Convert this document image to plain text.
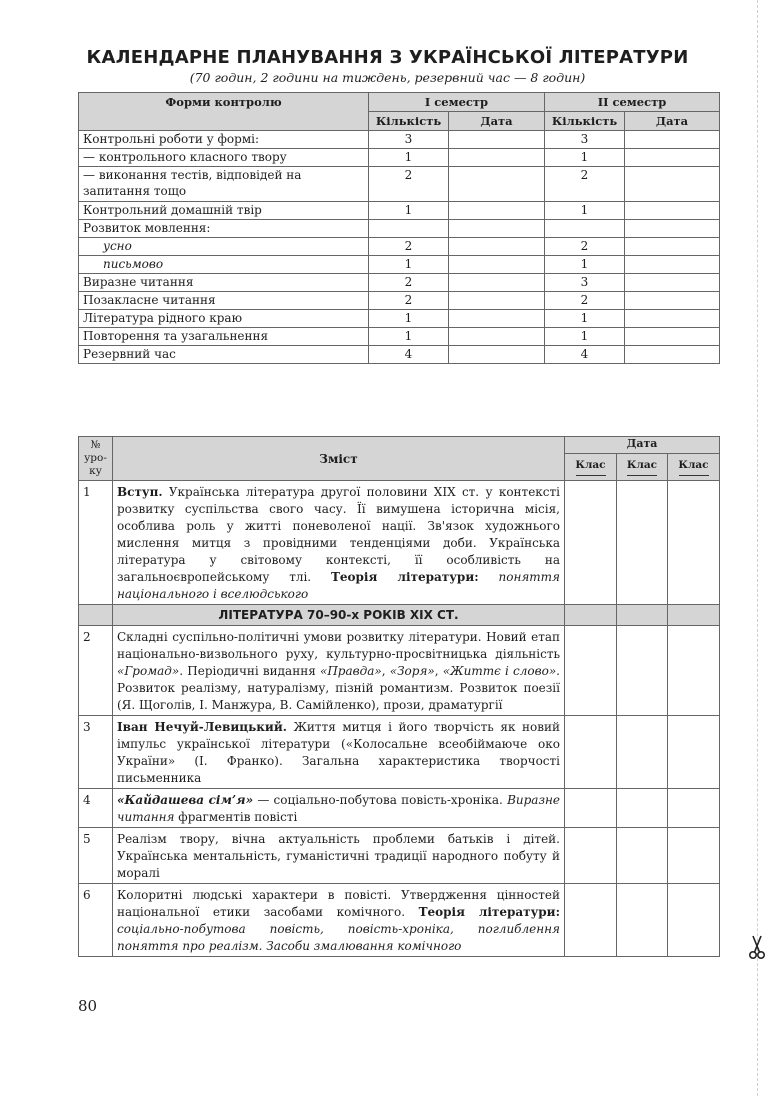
КАЛЕНДАРНЕ ПЛАНУВАННЯ З УКРАЇНСЬКОЇ ЛІТЕРАТУРИ
(70 годин, 2 години на тиждень, резервний час — 8 годин)
Форми контролю	І семестр		ІІ семестр	
	Кількість	Дата	Кількість	Дата
Контрольні роботи у формі:	3		3	
— контрольного класного твору	1		1	
— виконання тестів, відповідей на запитання тощо	2		2	
Контрольний домашній твір	1		1	
Розвиток мовлення:				
усно	2		2	
письмово	1		1	
Виразне читання	2		3	
Позакласне читання	2		2	
Література рідного краю	1		1	
Повторення та узагальнення	1		1	
Резервний час	4		4	
№ уро-ку	Зміст	Дата		
		Клас	Клас	Клас

1	Вступ. Українська література другої половини XIX ст. у контексті розвитку суспільства свого часу. Її вимушена історична місія, особлива роль у житті поневоленої нації. Зв'язок художнього мислення митця з провідними тенденціями доби. Українська література у світовому контексті, її особливість на загальноєвропейському тлі. Теорія літератури: поняття національного і вселюдського			
	ЛІТЕРАТУРА 70–90-х РОКІВ XIX СТ.			
2	Складні суспільно-політичні умови розвитку літератури. Новий етап національно-визвольного руху, культурно-просвітницька діяльність «Громад». Періодичні видання «Правда», «Зоря», «Життє і слово». Розвиток реалізму, натуралізму, пізній романтизм. Розвиток поезії (Я. Щоголів, І. Манжура, В. Самійленко), прози, драматургії			
3	Іван Нечуй-Левицький. Життя митця і його творчість як новий імпульс української літератури («Колосальне всеобіймаюче око України» (І. Франко). Загальна характеристика творчості письменника			
4	«Кайдашева сім’я» — соціально-побутова повість-хроніка. Виразне читання фрагментів повісті			
5	Реалізм твору, вічна актуальність проблеми батьків і дітей. Українська ментальність, гуманістичні традиції народного побуту й моралі			
6	Колоритні людські характери в повісті. Утвердження цінностей національної етики засобами комічного. Теорія літератури: соціально-побутова повість, повість-хроніка, поглиблення поняття про реалізм. Засоби змалювання комічного			
80
